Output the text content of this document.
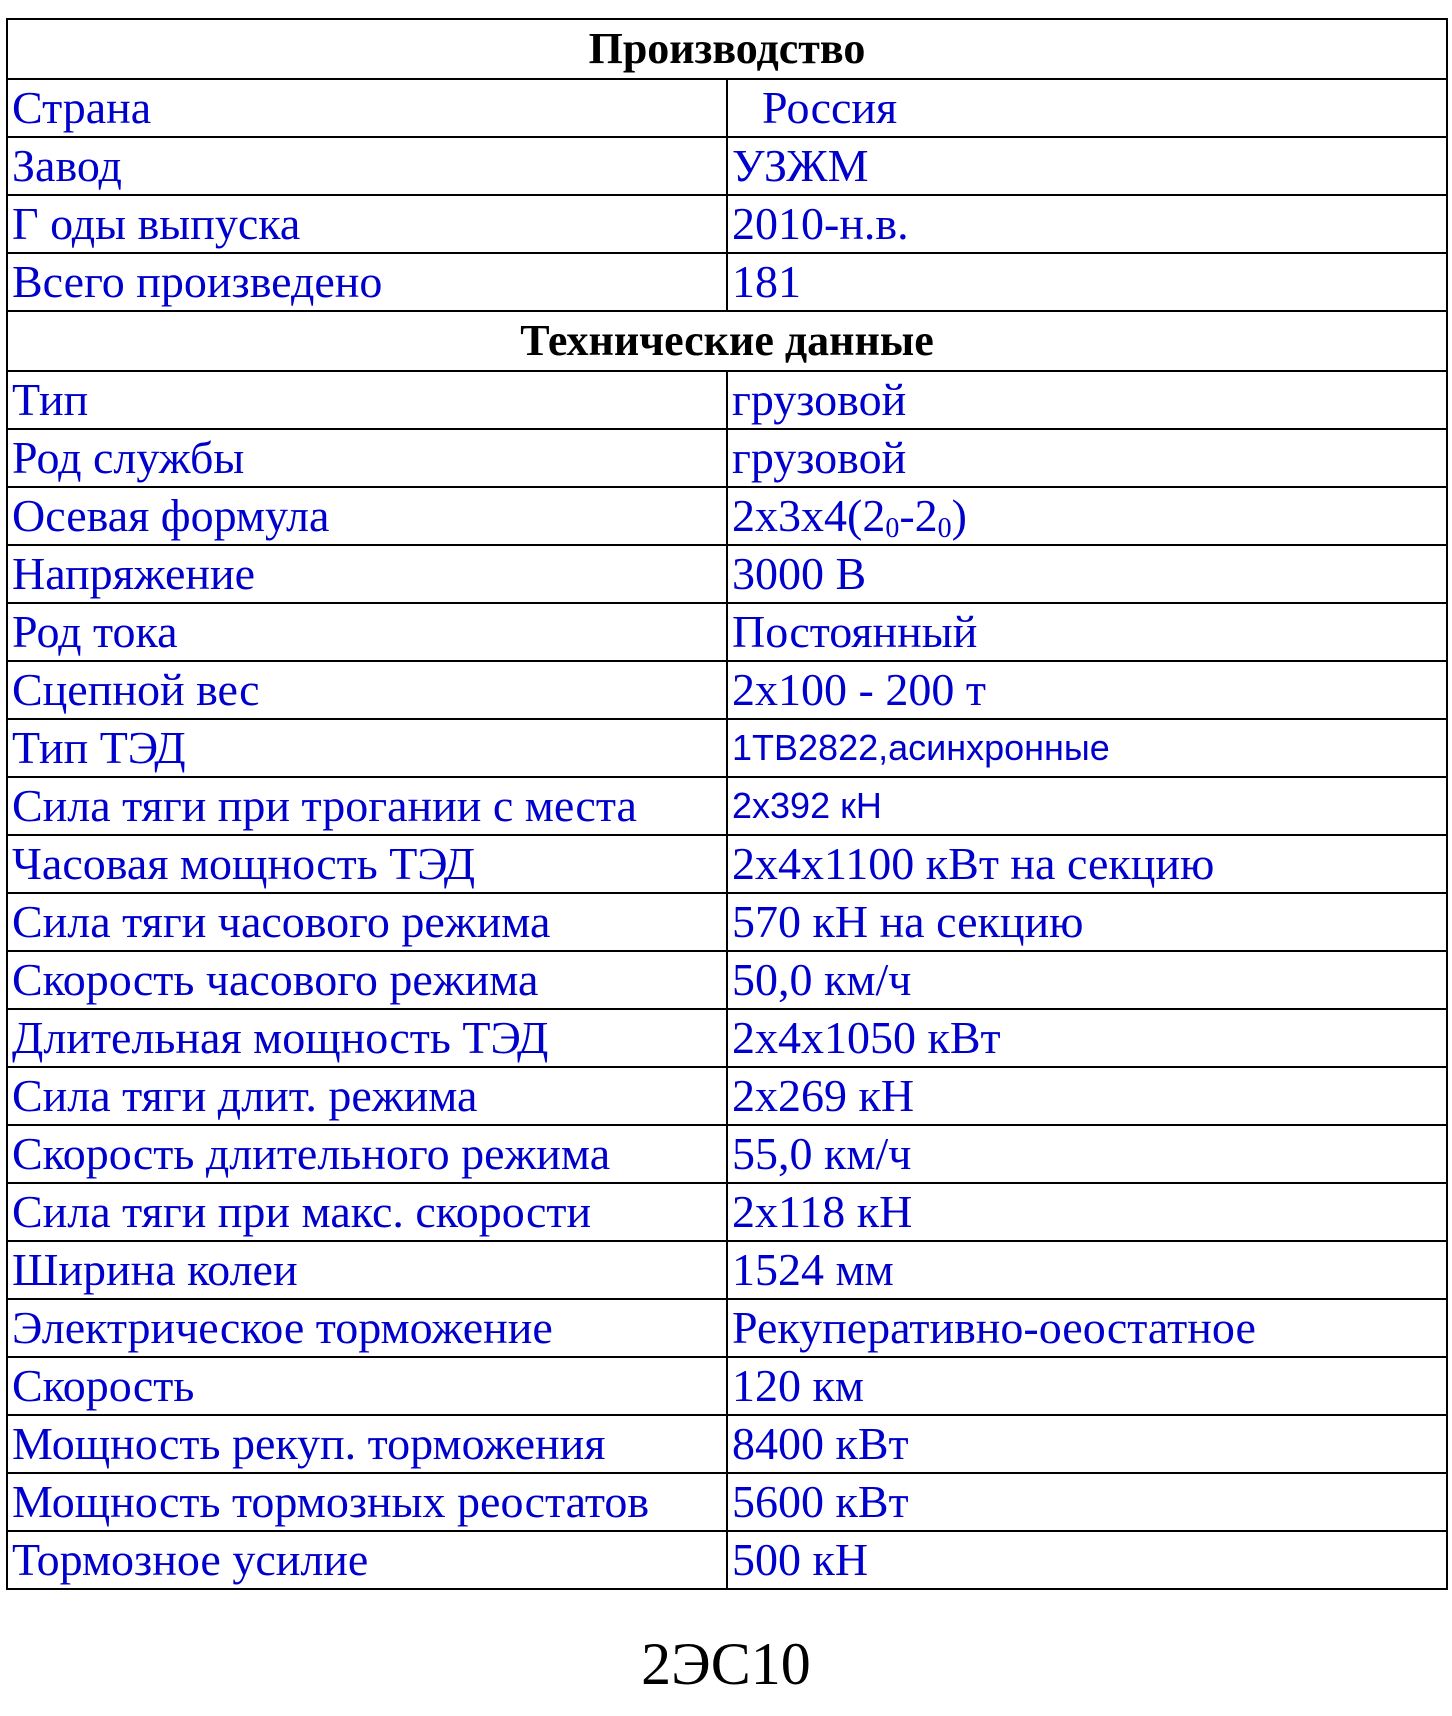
Производство	
Страна	Россия
Завод	УЗЖМ
Г оды выпуска	2010-н.в.
Всего произведено	181
Технические данные	
Тип	грузовой
Род службы	грузовой
Осевая формула	$2х3х4(2_0-2_0)$
Напряжение	3000 В
Род тока	Постоянный
Сцепной вес	2х100 - 200 т
Тип ТЭД	1ТВ2822,асинхронные
Сила тяги при трогании с места	2х392 кН
Часовая мощность ТЭД	2х4х1100 кВт на секцию
Сила тяги часового режима	570 кН на секцию
Скорость часового режима	50,0 км/ч
Длительная мощность ТЭД	2х4х1050 кВт
Сила тяги длит. режима	2х269 кН
Скорость длительного режима	55,0 км/ч
Сила тяги при макс. скорости	2х118 кН
Ширина колеи	1524 мм
Электрическое торможение	Рекуперативно-оеостатное
Скорость	120 км
Мощность рекуп. торможения	8400 кВт
Мощность тормозных реостатов	5600 кВт
Тормозное усилие	500 кН
2ЭС10
